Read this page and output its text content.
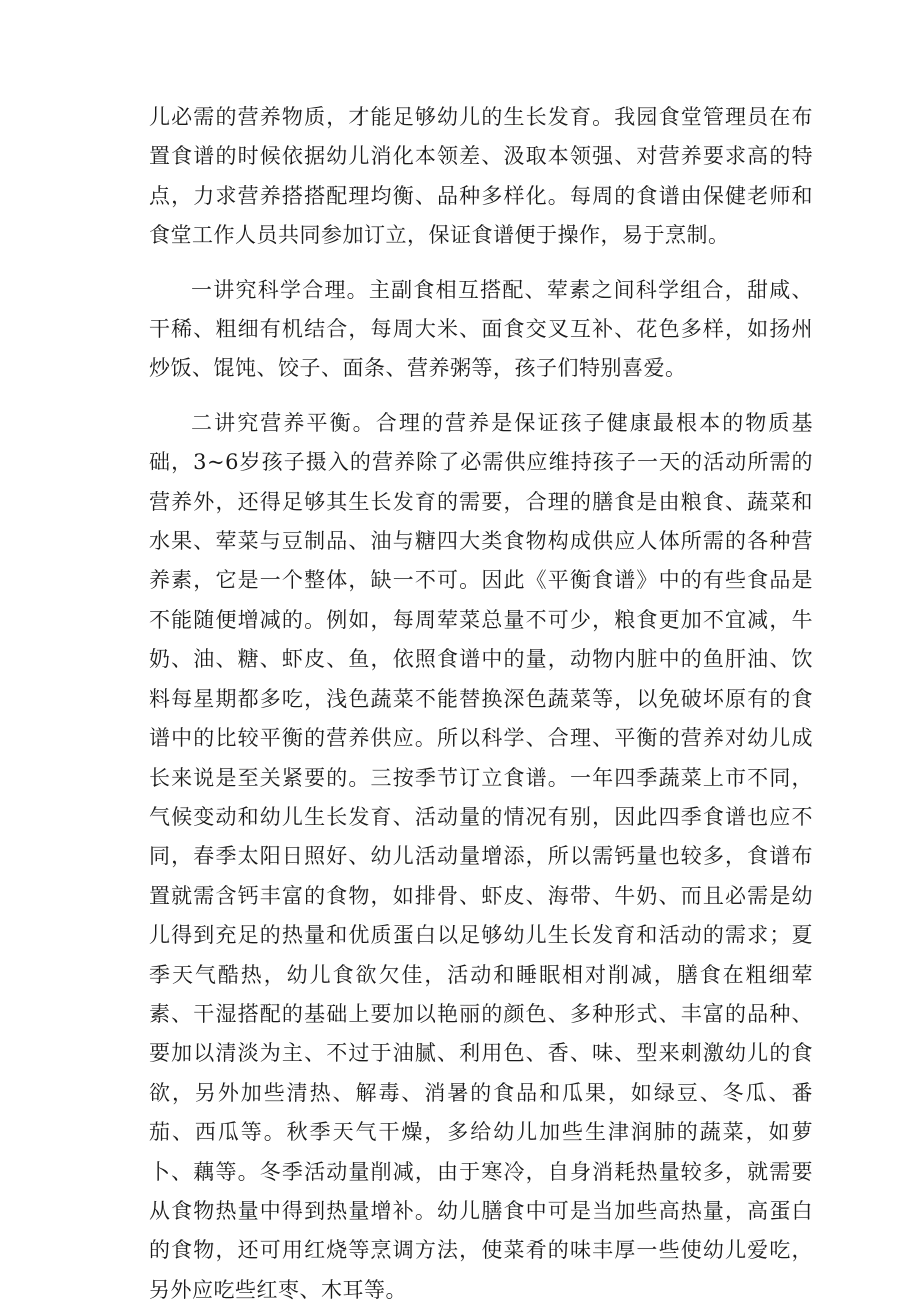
儿必需的营养物质，才能足够幼儿的生长发育。我园食堂管理员在布置食谱的时候依据幼儿消化本领差、汲取本领强、对营养要求高的特点，力求营养搭搭配理均衡、品种多样化。每周的食谱由保健老师和食堂工作人员共同参加订立，保证食谱便于操作，易于烹制。

一讲究科学合理。主副食相互搭配、荤素之间科学组合，甜咸、干稀、粗细有机结合，每周大米、面食交叉互补、花色多样，如扬州炒饭、馄饨、饺子、面条、营养粥等，孩子们特别喜爱。

二讲究营养平衡。合理的营养是保证孩子健康最根本的物质基础，3~6岁孩子摄入的营养除了必需供应维持孩子一天的活动所需的营养外，还得足够其生长发育的需要，合理的膳食是由粮食、蔬菜和水果、荤菜与豆制品、油与糖四大类食物构成供应人体所需的各种营养素，它是一个整体，缺一不可。因此《平衡食谱》中的有些食品是不能随便增减的。例如，每周荤菜总量不可少，粮食更加不宜减，牛奶、油、糖、虾皮、鱼，依照食谱中的量，动物内脏中的鱼肝油、饮料每星期都多吃，浅色蔬菜不能替换深色蔬菜等，以免破坏原有的食谱中的比较平衡的营养供应。所以科学、合理、平衡的营养对幼儿成长来说是至关紧要的。三按季节订立食谱。一年四季蔬菜上市不同，气候变动和幼儿生长发育、活动量的情况有别，因此四季食谱也应不同，春季太阳日照好、幼儿活动量增添，所以需钙量也较多，食谱布置就需含钙丰富的食物，如排骨、虾皮、海带、牛奶、而且必需是幼儿得到充足的热量和优质蛋白以足够幼儿生长发育和活动的需求；夏季天气酷热，幼儿食欲欠佳，活动和睡眠相对削减，膳食在粗细荤素、干湿搭配的基础上要加以艳丽的颜色、多种形式、丰富的品种、要加以清淡为主、不过于油腻、利用色、香、味、型来刺激幼儿的食欲，另外加些清热、解毒、消暑的食品和瓜果，如绿豆、冬瓜、番茄、西瓜等。秋季天气干燥，多给幼儿加些生津润肺的蔬菜，如萝卜、藕等。冬季活动量削减，由于寒冷，自身消耗热量较多，就需要从食物热量中得到热量增补。幼儿膳食中可是当加些高热量，高蛋白的食物，还可用红烧等烹调方法，使菜肴的味丰厚一些使幼儿爱吃，另外应吃些红枣、木耳等。
